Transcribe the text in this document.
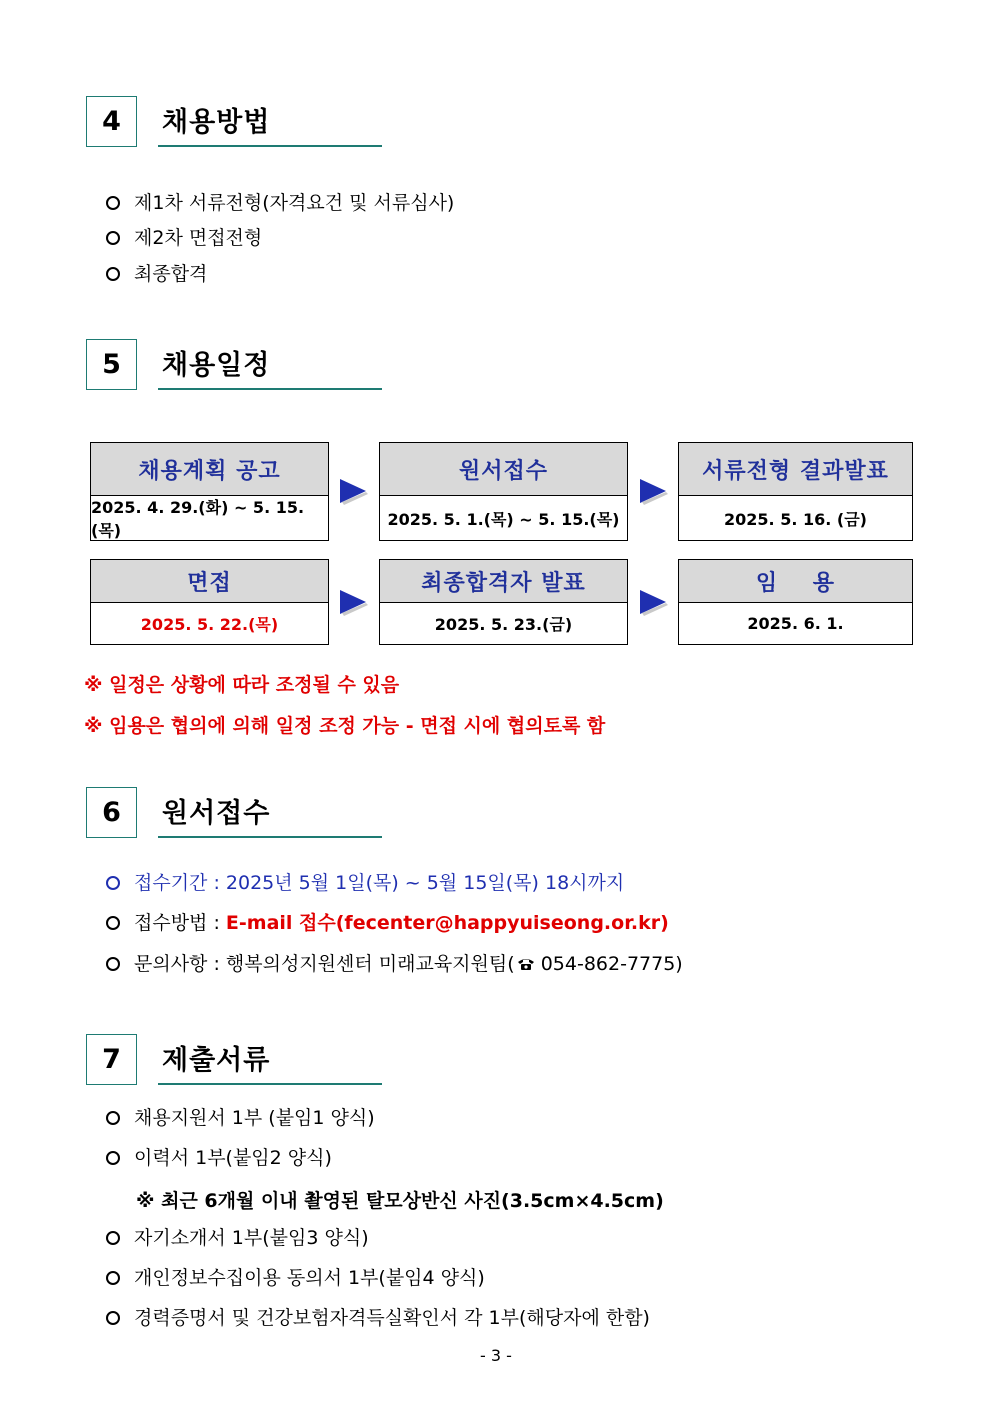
4	채용방법
제1차 서류전형(자격요건 및 서류심사)
제2차 면접전형
최종합격
5	채용일정
채용계획 공고
2025. 4. 29.(화) ~ 5. 15.(목)
원서접수
2025. 5. 1.(목) ~ 5. 15.(목)
서류전형 결과발표
2025. 5. 16. (금)
면접
2025. 5. 22.(목)
최종합격자 발표
2025. 5. 23.(금)
임    용
2025. 6. 1.
※ 일정은 상황에 따라 조정될 수 있음
※ 임용은 협의에 의해 일정 조정 가능 - 면접 시에 협의토록 함
6	원서접수
접수기간 : 2025년 5월 1일(목) ~ 5월 15일(목) 18시까지
접수방법 : E-mail 접수(fecenter@happyuiseong.or.kr)
문의사항 : 행복의성지원센터 미래교육지원팀( 054-862-7775)
7	제출서류
채용지원서 1부 (붙임1 양식)
이력서 1부(붙임2 양식)
※ 최근 6개월 이내 촬영된 탈모상반신 사진(3.5cm×4.5cm)
자기소개서 1부(붙임3 양식)
개인정보수집이용 동의서 1부(붙임4 양식)
경력증명서 및 건강보험자격득실확인서 각 1부(해당자에 한함)
- 3 -
